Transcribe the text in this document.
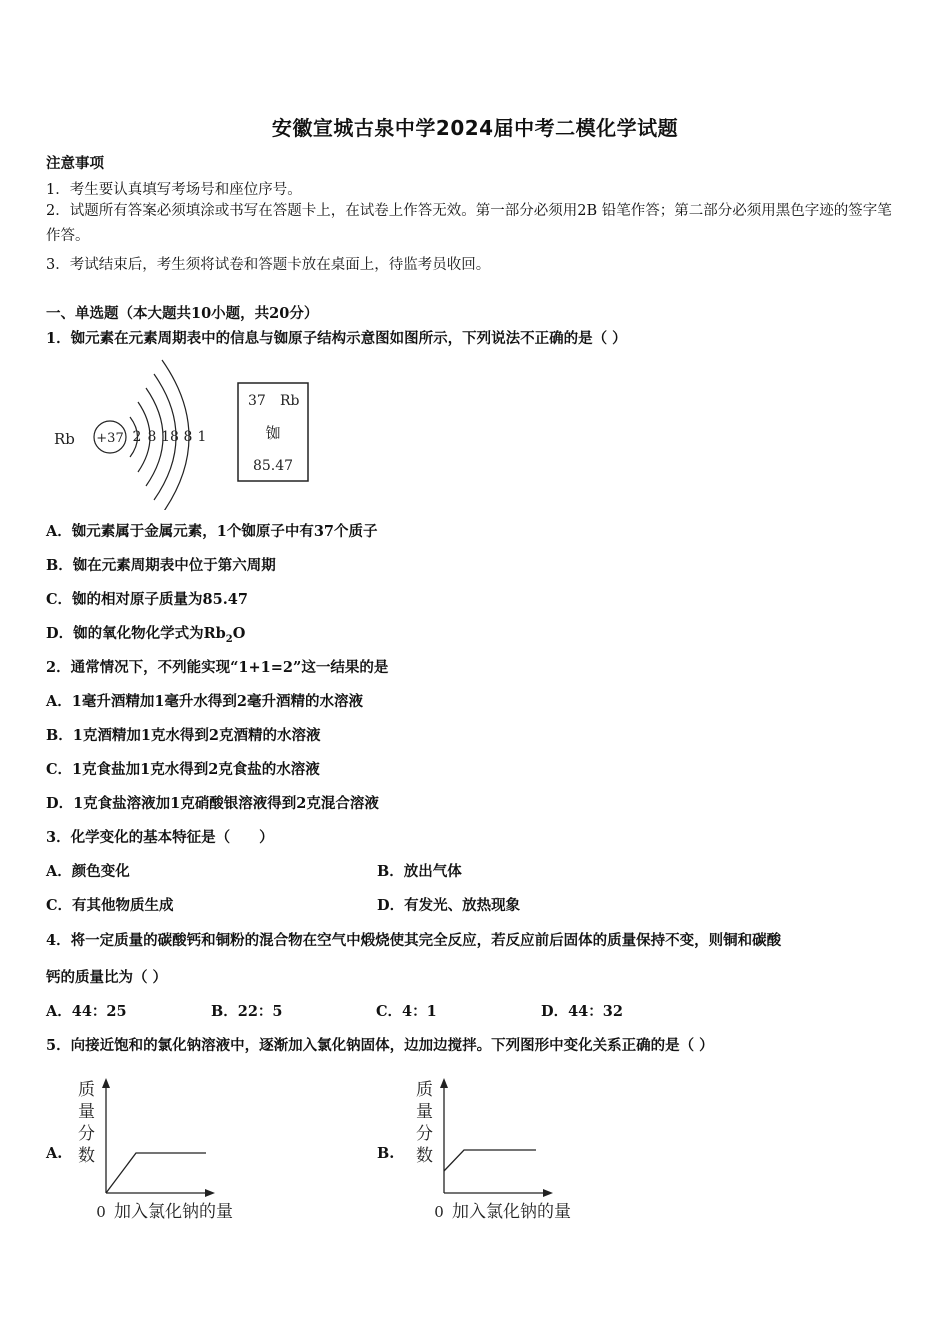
安徽宣城古泉中学2024届中考二模化学试题
注意事项
1．考生要认真填写考场号和座位序号。
2．试题所有答案必须填涂或书写在答题卡上，在试卷上作答无效。第一部分必须用2B 铅笔作答；第二部分必须用黑色字迹的签字笔作答。
3．考试结束后，考生须将试卷和答题卡放在桌面上，待监考员收回。
一、单选题（本大题共10小题，共20分）
1．铷元素在元素周期表中的信息与铷原子结构示意图如图所示，下列说法不正确的是（ ）
Rb +37 2 8 18 8 1
37 Rb
铷
85.47
A．铷元素属于金属元素，1个铷原子中有37个质子
B．铷在元素周期表中位于第六周期
C．铷的相对原子质量为85.47
D．铷的氧化物化学式为$Rb_2O$
2．通常情况下，不列能实现“1+1=2”这一结果的是
A．1毫升酒精加1毫升水得到2毫升酒精的水溶液
B．1克酒精加1克水得到2克酒精的水溶液
C．1克食盐加1克水得到2克食盐的水溶液
D．1克食盐溶液加1克硝酸银溶液得到2克混合溶液
3．化学变化的基本特征是（　　）
A．颜色变化	B．放出气体
C．有其他物质生成	D．有发光、放热现象
4．将一定质量的碳酸钙和铜粉的混合物在空气中煅烧使其完全反应，若反应前后固体的质量保持不变，则铜和碳酸
钙的质量比为（ ）
A．44：25	B．22：5	C．4：1	D．44：32
5．向接近饱和的氯化钠溶液中，逐渐加入氯化钠固体，边加边搅拌。下列图形中变化关系正确的是（ ）
A.
质
量
分
数
0 加入氯化钠的量
B.
质
量
分
数
0 加入氯化钠的量
